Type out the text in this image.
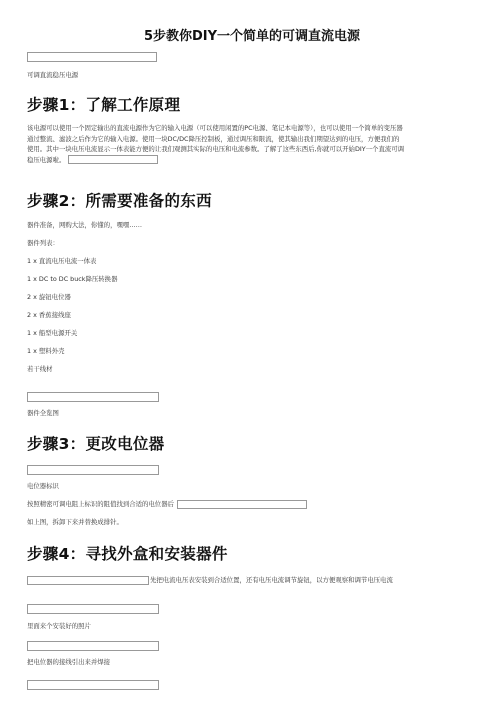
5步教你DIY一个简单的可调直流电源
可调直流稳压电源
步骤1：了解工作原理
该电源可以使用一个固定输出的直流电源作为它的输入电源（可以使用闲置的PC电源、笔记本电源等），也可以使用一个简单的变压器通过整流、滤波之后作为它的输入电源。使用一块DC/DC降压控制板，通过调压和限流，使其输出我们期望达到的电压，方便我们的使用。其中一块电压电流显示一体表能方便的让我们观测其实际的电压和电流参数。了解了这些东西后,你就可以开始DIY一个直流可调稳压电源啦。
步骤2：所需要准备的东西
器件准备，网购大法，你懂的，嘿嘿……
器件列表：
1 x 直流电压电流一体表
1 x DC to DC buck降压转换器
2 x 旋钮电位器
2 x 香蕉接线座
1 x 船型电源开关
1 x 塑料外壳
若干线材
器件全览图
步骤3：更改电位器
电位器标识
按照精密可调电阻上标识的阻值找到合适的电位器后
如上图，拆卸下来并替换成排针。
步骤4：寻找外盒和安装器件
先把电流电压表安装到合适位置，还有电压电流调节旋钮，以方便观察和调节电压电流
里面来个安装好的照片
把电位器的接线引出来并焊接
